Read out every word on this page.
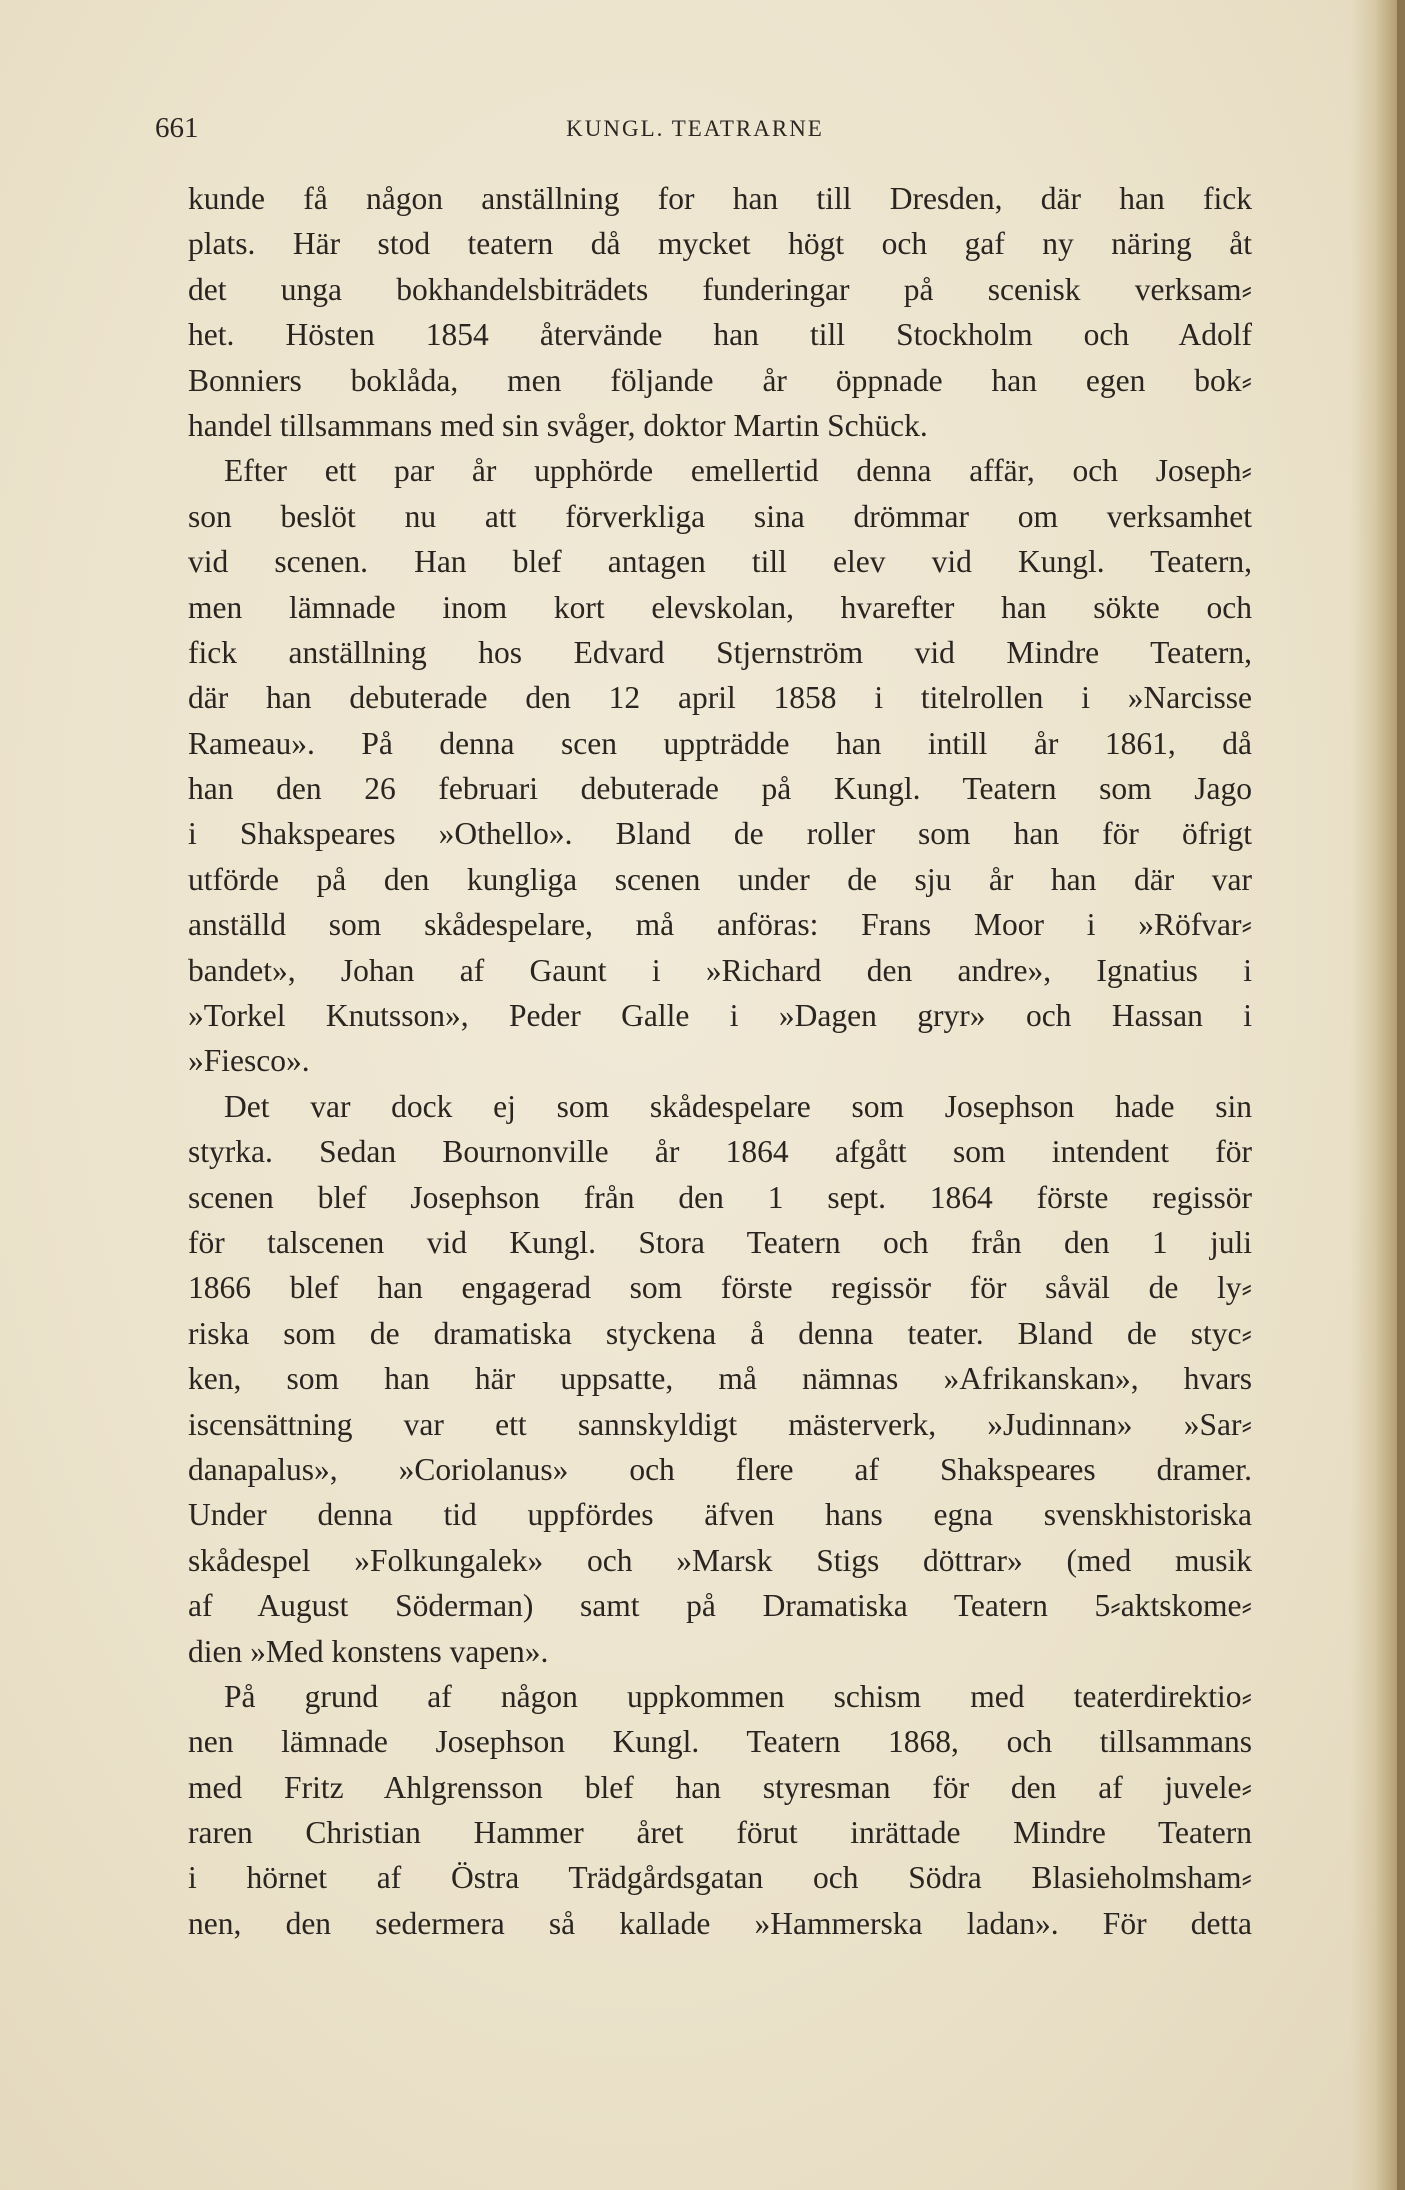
661	KUNGL. TEATRARNE
kunde få någon anställning for han till Dresden, där han fick
plats. Här stod teatern då mycket högt och gaf ny näring åt
det unga bokhandelsbiträdets funderingar på scenisk verksam⸗
het. Hösten 1854 återvände han till Stockholm och Adolf
Bonniers boklåda, men följande år öppnade han egen bok⸗
handel tillsammans med sin svåger, doktor Martin Schück.
Efter ett par år upphörde emellertid denna affär, och Joseph⸗
son beslöt nu att förverkliga sina drömmar om verksamhet
vid scenen. Han blef antagen till elev vid Kungl. Teatern,
men lämnade inom kort elevskolan, hvarefter han sökte och
fick anställning hos Edvard Stjernström vid Mindre Teatern,
där han debuterade den 12 april 1858 i titelrollen i »Narcisse
Rameau». På denna scen uppträdde han intill år 1861, då
han den 26 februari debuterade på Kungl. Teatern som Jago
i Shakspeares »Othello». Bland de roller som han för öfrigt
utförde på den kungliga scenen under de sju år han där var
anställd som skådespelare, må anföras: Frans Moor i »Röfvar⸗
bandet», Johan af Gaunt i »Richard den andre», Ignatius i
»Torkel Knutsson», Peder Galle i »Dagen gryr» och Hassan i
»Fiesco».
Det var dock ej som skådespelare som Josephson hade sin
styrka. Sedan Bournonville år 1864 afgått som intendent för
scenen blef Josephson från den 1 sept. 1864 förste regissör
för talscenen vid Kungl. Stora Teatern och från den 1 juli
1866 blef han engagerad som förste regissör för såväl de ly⸗
riska som de dramatiska styckena å denna teater. Bland de styc⸗
ken, som han här uppsatte, må nämnas »Afrikanskan», hvars
iscensättning var ett sannskyldigt mästerverk, »Judinnan» »Sar⸗
danapalus», »Coriolanus» och flere af Shakspeares dramer.
Under denna tid uppfördes äfven hans egna svenskhistoriska
skådespel »Folkungalek» och »Marsk Stigs döttrar» (med musik
af August Söderman) samt på Dramatiska Teatern 5⸗aktskome⸗
dien »Med konstens vapen».
På grund af någon uppkommen schism med teaterdirektio⸗
nen lämnade Josephson Kungl. Teatern 1868, och tillsammans
med Fritz Ahlgrensson blef han styresman för den af juvele⸗
raren Christian Hammer året förut inrättade Mindre Teatern
i hörnet af Östra Trädgårdsgatan och Södra Blasieholmsham⸗
nen, den sedermera så kallade »Hammerska ladan». För detta
